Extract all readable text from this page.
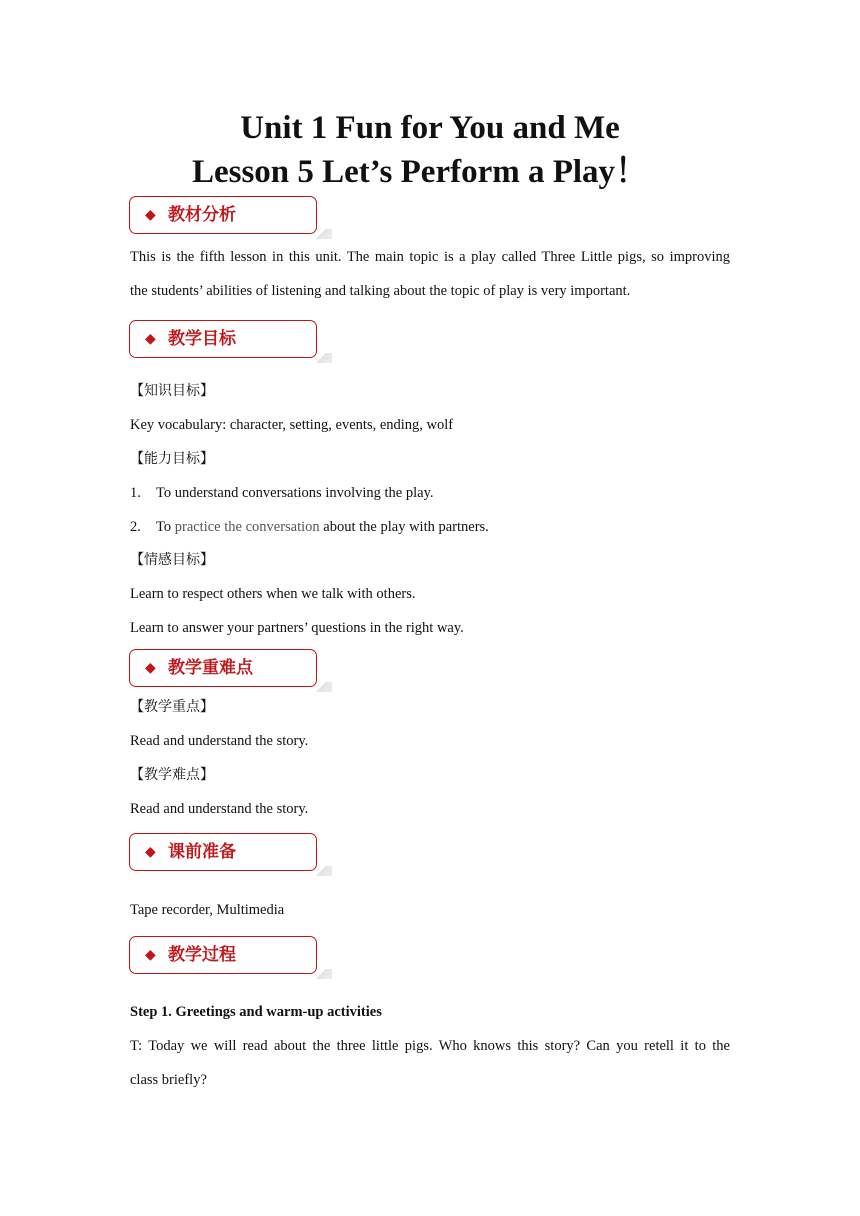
Unit 1 Fun for You and Me
Lesson 5 Let’s Perform a Play！
◆ 教材分析
This is the fifth lesson in this unit. The main topic is a play called Three Little pigs, so improving
the students’ abilities of listening and talking about the topic of play is very important.
◆ 教学目标
【知识目标】
Key vocabulary: character, setting, events, ending, wolf
【能力目标】
1. To understand conversations involving the play.
2. To practice the conversation about the play with partners.
【情感目标】
Learn to respect others when we talk with others.
Learn to answer your partners’ questions in the right way.
◆ 教学重难点
【教学重点】
Read and understand the story.
【教学难点】
Read and understand the story.
◆ 课前准备
Tape recorder, Multimedia
◆ 教学过程
Step 1. Greetings and warm-up activities
T: Today we will read about the three little pigs. Who knows this story? Can you retell it to the
class briefly?
